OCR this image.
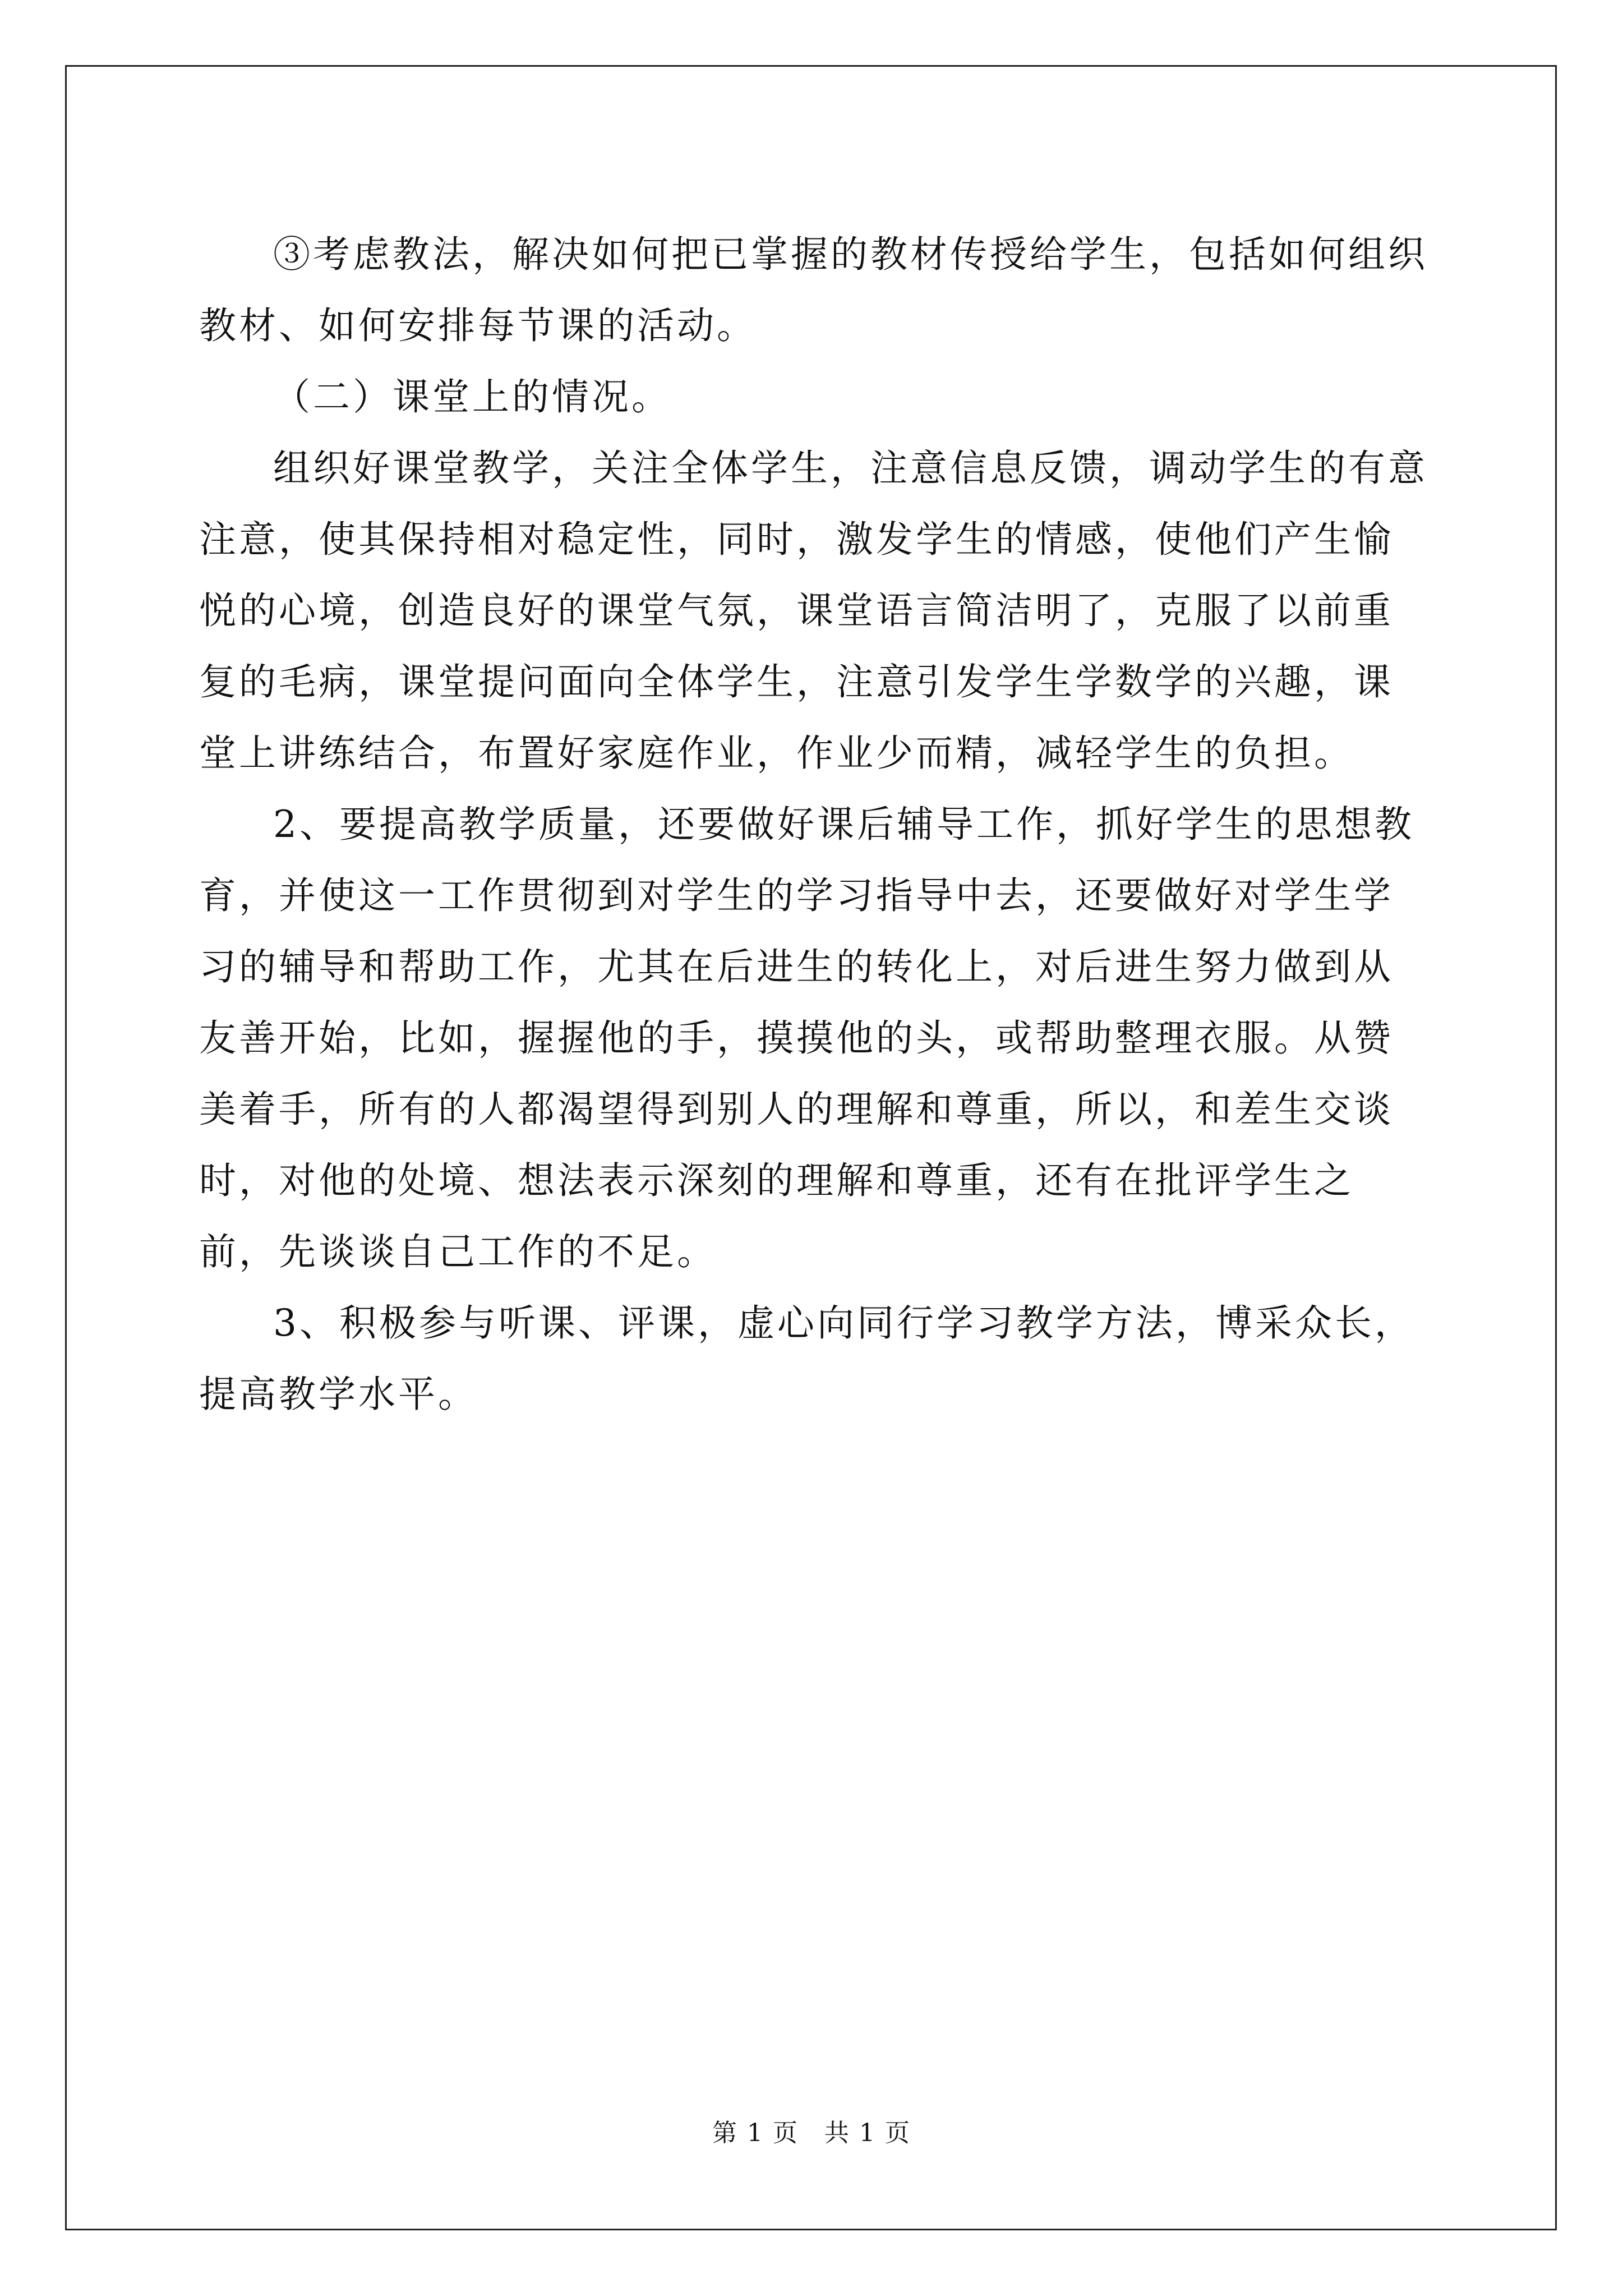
③考虑教法，解决如何把已掌握的教材传授给学生，包括如何组织教材、如何安排每节课的活动。

（二）课堂上的情况。

组织好课堂教学，关注全体学生，注意信息反馈，调动学生的有意注意，使其保持相对稳定性，同时，激发学生的情感，使他们产生愉悦的心境，创造良好的课堂气氛，课堂语言简洁明了，克服了以前重复的毛病，课堂提问面向全体学生，注意引发学生学数学的兴趣，课堂上讲练结合，布置好家庭作业，作业少而精，减轻学生的负担。

2、要提高教学质量，还要做好课后辅导工作，抓好学生的思想教育，并使这一工作贯彻到对学生的学习指导中去，还要做好对学生学习的辅导和帮助工作，尤其在后进生的转化上，对后进生努力做到从友善开始，比如，握握他的手，摸摸他的头，或帮助整理衣服。从赞美着手，所有的人都渴望得到别人的理解和尊重，所以，和差生交谈时，对他的处境、想法表示深刻的理解和尊重，还有在批评学生之前，先谈谈自己工作的不足。

3、积极参与听课、评课，虚心向同行学习教学方法，博采众长，提高教学水平。

第 1 页　共 1 页
